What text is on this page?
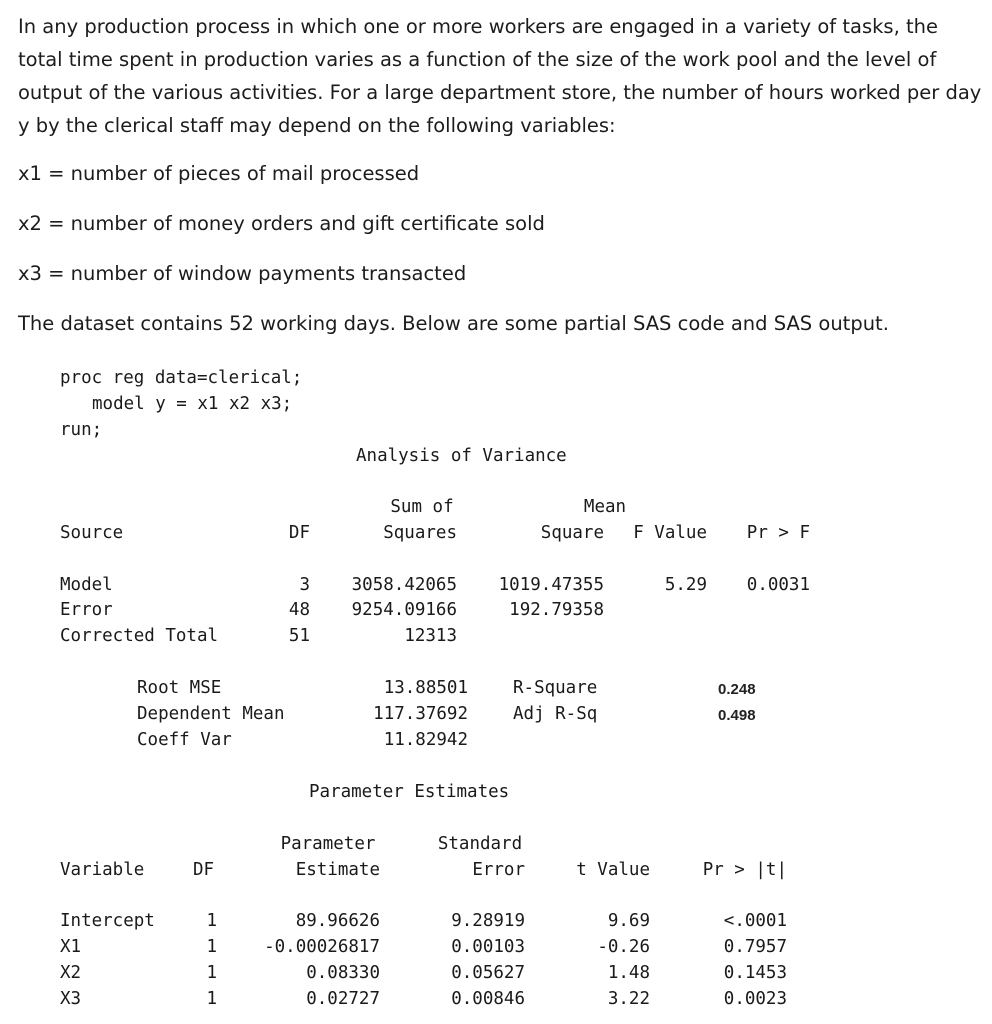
In any production process in which one or more workers are engaged in a variety of tasks, the total time spent in production varies as a function of the size of the work pool and the level of output of the various activities. For a large department store, the number of hours worked per day y by the clerical staff may depend on the following variables:
x1 = number of pieces of mail processed
x2 = number of money orders and gift certificate sold
x3 = number of window payments transacted
The dataset contains 52 working days. Below are some partial SAS code and SAS output.
proc reg data=clerical;
model y = x1 x2 x3;
run;
Analysis of Variance
Sum of	Mean
Source	DF	Squares	Square	F Value	Pr > F
Model	3	3058.42065	1019.47355	5.29	0.0031
Error	48	9254.09166	192.79358
Corrected Total	51	12313
Root MSE	13.88501	R-Square	0.248
Dependent Mean	117.37692	Adj R-Sq	0.498
Coeff Var	11.82942
Parameter Estimates
Parameter	Standard
Variable	DF	Estimate	Error	t Value	Pr > |t|
Intercept	1	89.96626	9.28919	9.69	<.0001
X1	1	-0.00026817	0.00103	-0.26	0.7957
X2	1	0.08330	0.05627	1.48	0.1453
X3	1	0.02727	0.00846	3.22	0.0023
